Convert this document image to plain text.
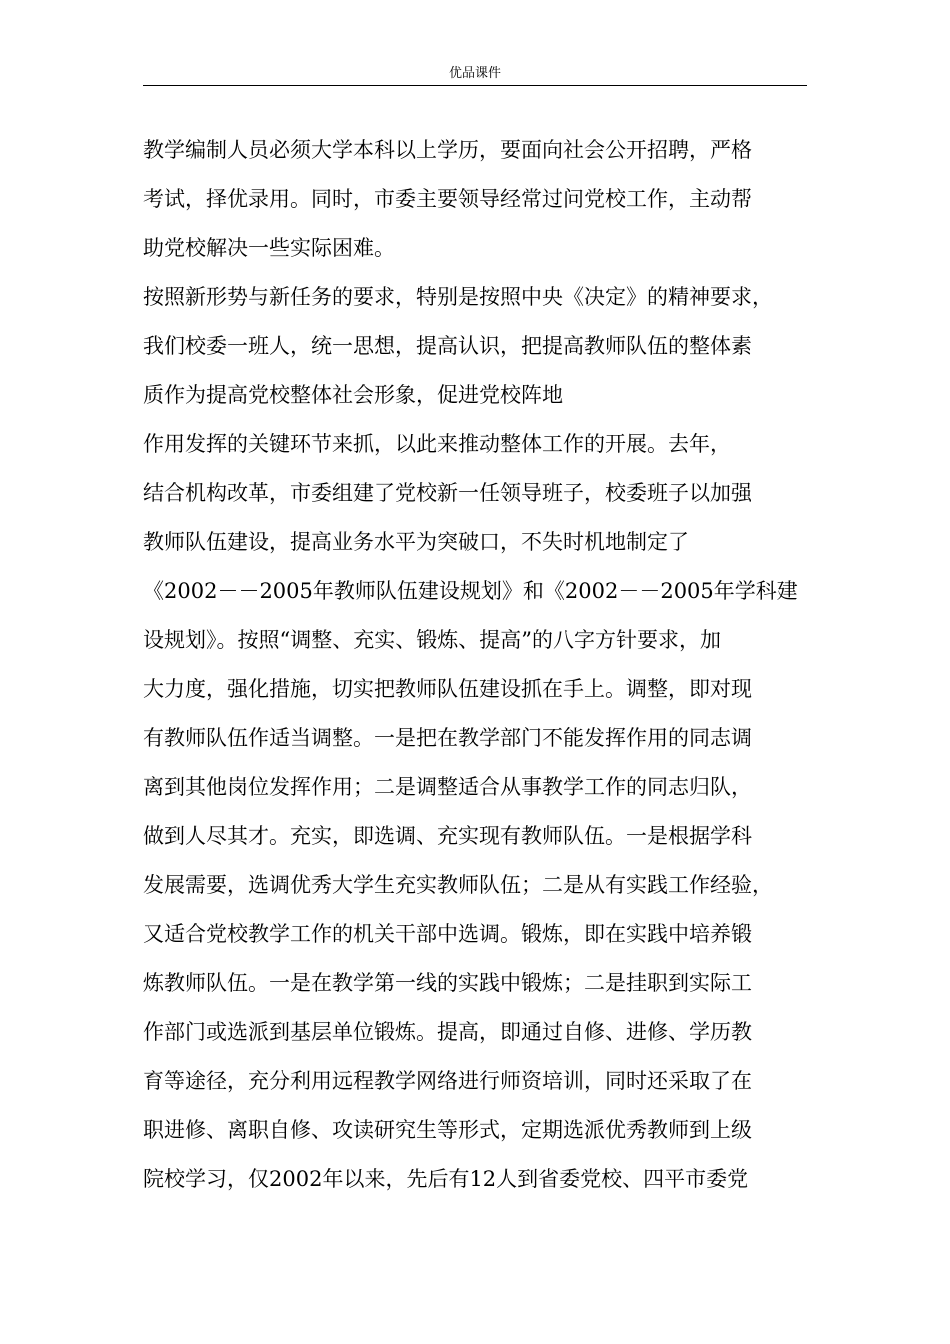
优品课件
教学编制人员必须大学本科以上学历，要面向社会公开招聘，严格
考试，择优录用。同时，市委主要领导经常过问党校工作，主动帮
助党校解决一些实际困难。
按照新形势与新任务的要求，特别是按照中央《决定》的精神要求，
我们校委一班人，统一思想，提高认识，把提高教师队伍的整体素
质作为提高党校整体社会形象，促进党校阵地
作用发挥的关键环节来抓，以此来推动整体工作的开展。去年，
结合机构改革，市委组建了党校新一任领导班子，校委班子以加强
教师队伍建设，提高业务水平为突破口，不失时机地制定了
《2002－－2005年教师队伍建设规划》和《2002－－2005年学科建
设规划》。按照“调整、充实、锻炼、提高”的八字方针要求，加
大力度，强化措施，切实把教师队伍建设抓在手上。调整，即对现
有教师队伍作适当调整。一是把在教学部门不能发挥作用的同志调
离到其他岗位发挥作用；二是调整适合从事教学工作的同志归队，
做到人尽其才。充实，即选调、充实现有教师队伍。一是根据学科
发展需要，选调优秀大学生充实教师队伍；二是从有实践工作经验，
又适合党校教学工作的机关干部中选调。锻炼，即在实践中培养锻
炼教师队伍。一是在教学第一线的实践中锻炼；二是挂职到实际工
作部门或选派到基层单位锻炼。提高，即通过自修、进修、学历教
育等途径，充分利用远程教学网络进行师资培训，同时还采取了在
职进修、离职自修、攻读研究生等形式，定期选派优秀教师到上级
院校学习，仅2002年以来，先后有12人到省委党校、四平市委党
